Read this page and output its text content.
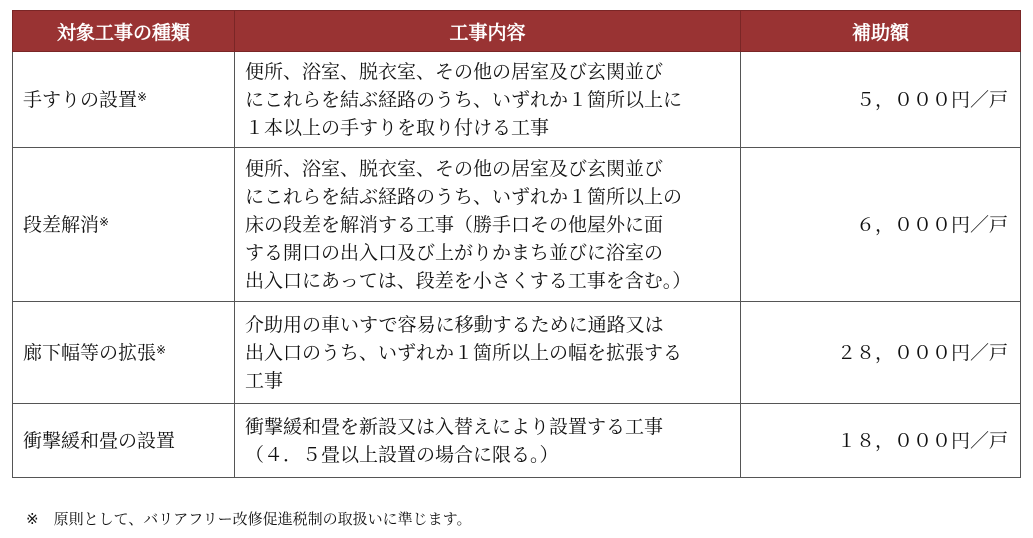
対象工事の種類	工事内容	補助額
手すりの設置※	便所、浴室、脱衣室、その他の居室及び玄関並び
にこれらを結ぶ経路のうち、いずれか１箇所以上に
１本以上の手すりを取り付ける工事	５，０００円／戸
段差解消※	便所、浴室、脱衣室、その他の居室及び玄関並び
にこれらを結ぶ経路のうち、いずれか１箇所以上の
床の段差を解消する工事（勝手口その他屋外に面
する開口の出入口及び上がりかまち並びに浴室の
出入口にあっては、段差を小さくする工事を含む。）	６，０００円／戸
廊下幅等の拡張※	介助用の車いすで容易に移動するために通路又は
出入口のうち、いずれか１箇所以上の幅を拡張する
工事	２８，０００円／戸
衝撃緩和畳の設置	衝撃緩和畳を新設又は入替えにより設置する工事
（４．５畳以上設置の場合に限る。）	１８，０００円／戸
※　原則として、バリアフリー改修促進税制の取扱いに準じます。
